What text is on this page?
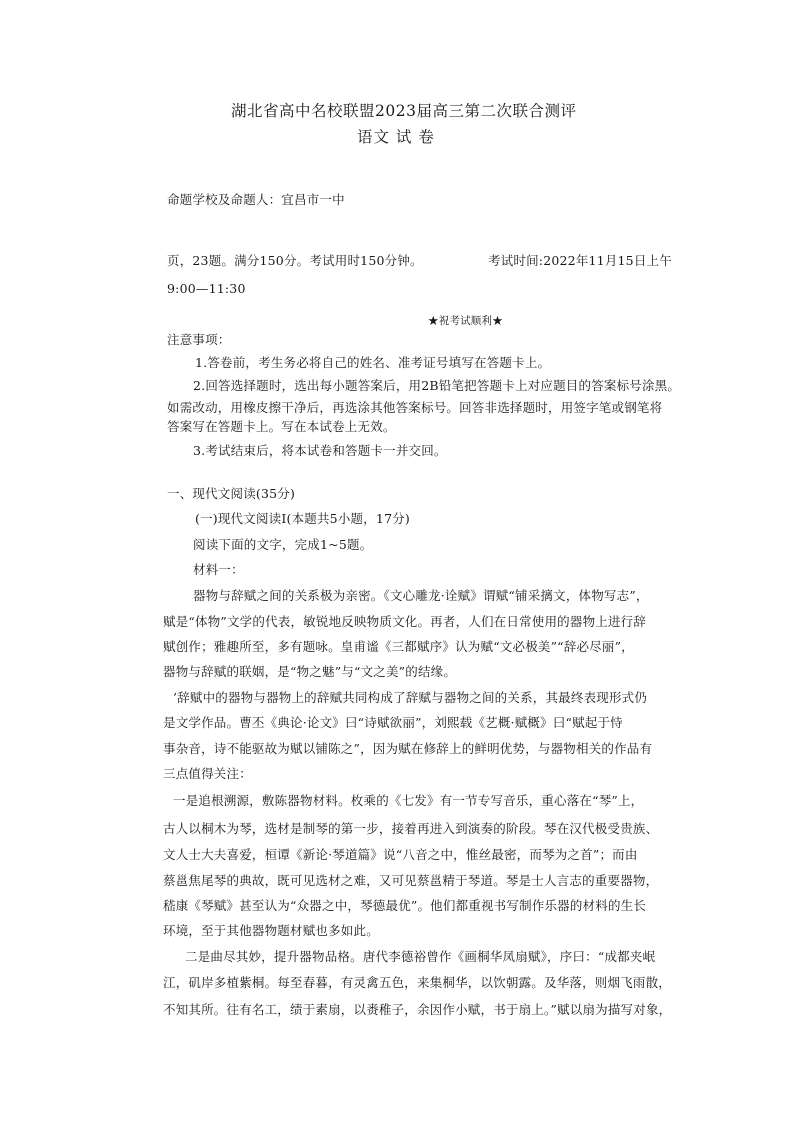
湖北省高中名校联盟2023届高三第二次联合测评
语文 试 卷
命题学校及命题人：宜昌市一中
页，23题。满分150分。考试用时150分钟。	考试时间:2022年11月15日上午
9:00—11:30
★祝考试顺利★
注意事项：
1.答卷前，考生务必将自己的姓名、准考证号填写在答题卡上。
2.回答选择题时，选出每小题答案后，用2B铅笔把答题卡上对应题目的答案标号涂黑。
如需改动，用橡皮擦干净后，再选涂其他答案标号。回答非选择题时，用签字笔或钢笔将
答案写在答题卡上。写在本试卷上无效。
3.考试结束后，将本试卷和答题卡一并交回。
一、现代文阅读(35分)
(一)现代文阅读Ⅰ(本题共5小题，17分)
阅读下面的文字，完成1~5题。
材料一：
器物与辞赋之间的关系极为亲密。《文心雕龙·诠赋》谓赋“铺采摛文，体物写志”，
赋是“体物”文学的代表，敏锐地反映物质文化。再者，人们在日常使用的器物上进行辞
赋创作；雅趣所至，多有题咏。皇甫谧《三都赋序》认为赋“文必极美”“辞必尽丽”，
器物与辞赋的联姻，是“物之魅”与“文之美”的结缘。
’辞赋中的器物与器物上的辞赋共同构成了辞赋与器物之间的关系，其最终表现形式仍
是文学作品。曹丕《典论·论文》曰“诗赋欲丽”，刘熙载《艺概·赋概》曰“赋起于恃
事杂音，诗不能驱故为赋以铺陈之”，因为赋在修辞上的鲜明优势，与器物相关的作品有
三点值得关注：
一是追根溯源，敷陈器物材料。枚乘的《七发》有一节专写音乐，重心落在“琴”上，
古人以桐木为琴，选材是制琴的第一步，接着再进入到演奏的阶段。琴在汉代极受贵族、
文人士大夫喜爱，桓谭《新论·琴道篇》说“八音之中，惟丝最密，而琴为之首”；而由
蔡邕焦尾琴的典故，既可见选材之难，又可见蔡邕精于琴道。琴是士人言志的重要器物，
嵇康《琴赋》甚至认为“众器之中，琴德最优”。他们都重视书写制作乐器的材料的生长
环境，至于其他器物题材赋也多如此。
二是曲尽其妙，提升器物品格。唐代李德裕曾作《画桐华凤扇赋》，序曰：“成都夹岷
江，矶岸多植紫桐。每至春暮，有灵禽五色，来集桐华，以饮朝露。及华落，则烟飞雨散，
不知其所。往有名工，绩于素扇，以赉稚子，余因作小赋，书于扇上。”赋以扇为描写对象，
